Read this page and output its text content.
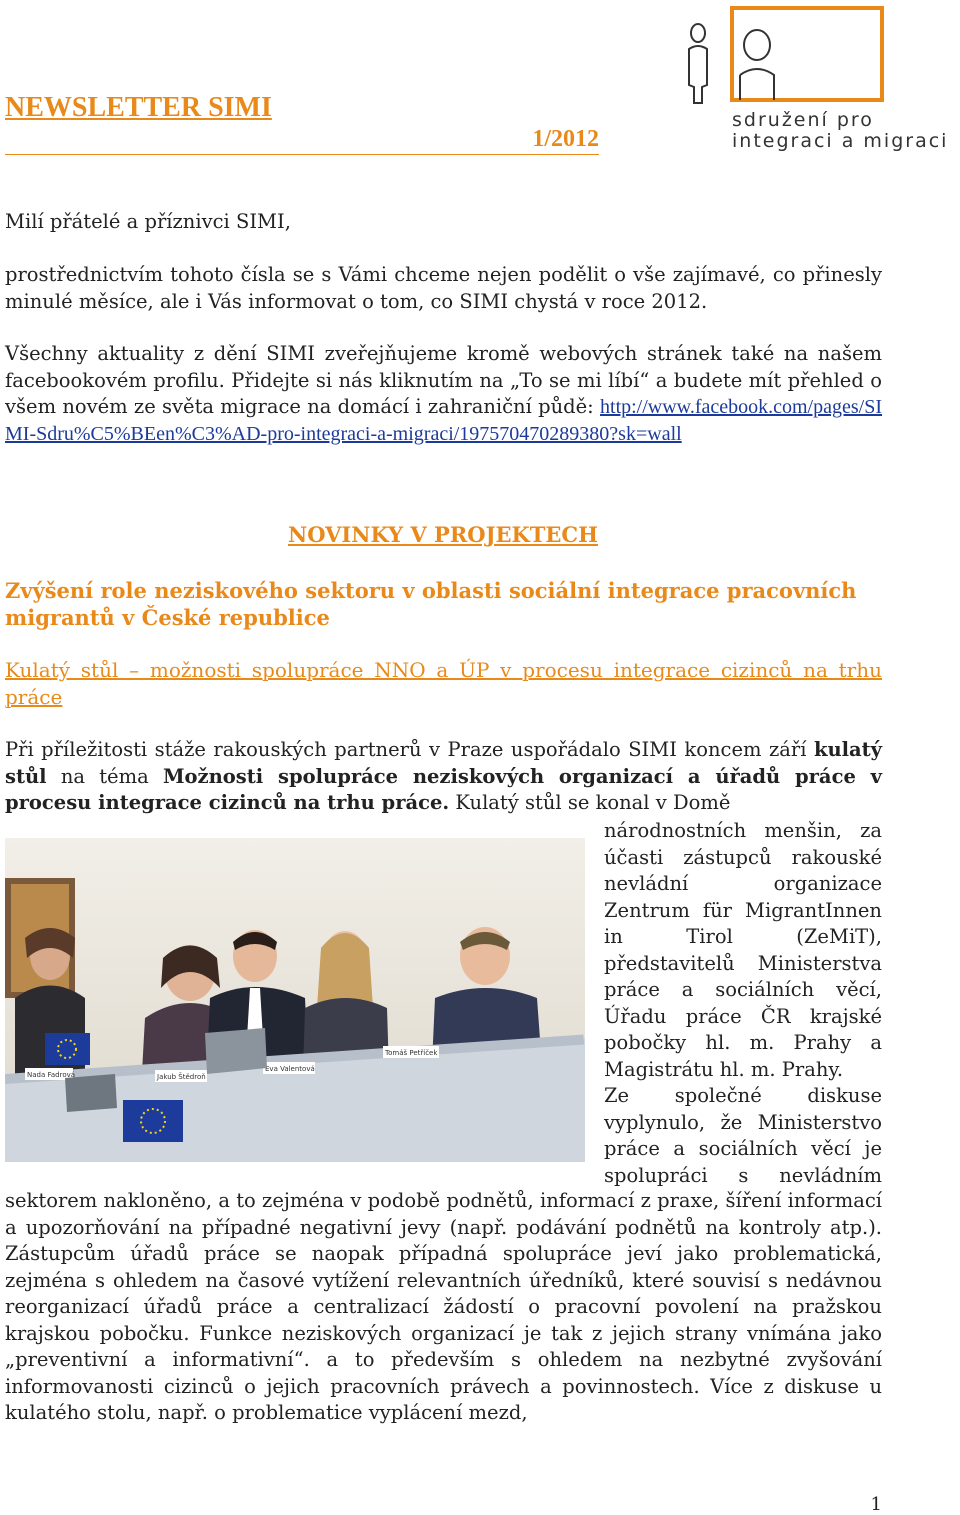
NEWSLETTER SIMI
1/2012
sdružení pro
integraci a migraci
Milí přátelé a příznivci SIMI,
prostřednictvím tohoto čísla se s Vámi chceme nejen podělit o vše zajímavé, co přinesly minulé měsíce, ale i Vás informovat o tom, co SIMI chystá v roce 2012.
Všechny aktuality z dění SIMI zveřejňujeme kromě webových stránek také na našem facebookovém profilu. Přidejte si nás kliknutím na „To se mi líbí“ a budete mít přehled o všem novém ze světa migrace na domácí i zahraniční půdě: http://www.facebook.com/pages/SIMI-Sdru%C5%BEen%C3%AD-pro-integraci-a-migraci/197570470289380?sk=wall
NOVINKY V PROJEKTECH
Zvýšení role neziskového sektoru v oblasti sociální integrace pracovních migrantů v České republice
Kulatý stůl – možnosti spolupráce NNO a ÚP v procesu integrace cizinců na trhu práce
Při příležitosti stáže rakouských partnerů v Praze uspořádalo SIMI koncem září kulatý stůl na téma Možnosti spolupráce neziskových organizací a úřadů práce v procesu integrace cizinců na trhu práce. Kulatý stůl se konal v Domě
Nada Fadrová	Jakub Štědroň
Eva Valentová
Tomáš Petříček
národnostních menšin, za
účasti zástupců rakouské
nevládní organizace
Zentrum für MigrantInnen
in Tirol (ZeMiT),
představitelů Ministerstva
práce a sociálních věcí,
Úřadu práce ČR krajské
pobočky hl. m. Prahy a
Magistrátu hl. m. Prahy.
Ze společné diskuse
vyplynulo, že Ministerstvo
práce a sociálních věcí je
spolupráci s nevládním
sektorem nakloněno, a to zejména v podobě podnětů, informací z praxe, šíření informací a upozorňování na případné negativní jevy (např. podávání podnětů na kontroly atp.). Zástupcům úřadů práce se naopak případná spolupráce jeví jako problematická, zejména s ohledem na časové vytížení relevantních úředníků, které souvisí s nedávnou reorganizací úřadů práce a centralizací žádostí o pracovní povolení na pražskou krajskou pobočku. Funkce neziskových organizací je tak z jejich strany vnímána jako „preventivní a informativní“. a to především s ohledem na nezbytné zvyšování informovanosti cizinců o jejich pracovních právech a povinnostech. Více z diskuse u kulatého stolu, např. o problematice vyplácení mezd,
1
